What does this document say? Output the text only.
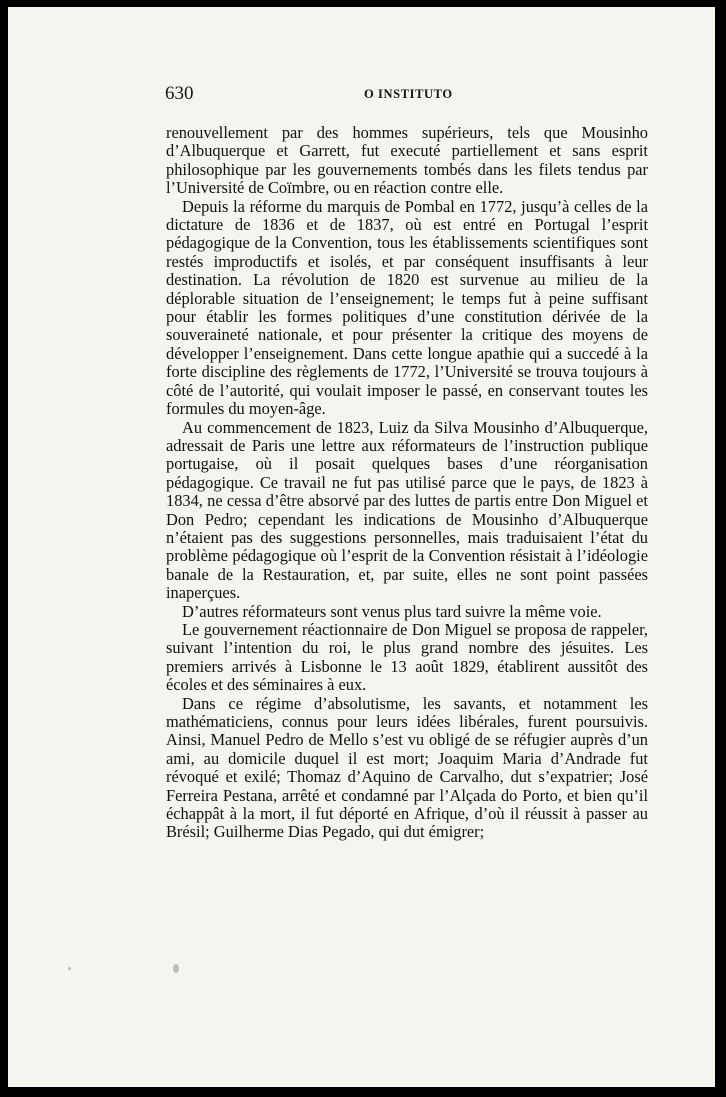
630	O INSTITUTO

renouvellement par des hommes supérieurs, tels que Mousinho d’Albuquerque et Garrett, fut executé partiellement et sans esprit philosophique par les gouvernements tombés dans les filets tendus par l’Université de Coïmbre, ou en réaction contre elle.

Depuis la réforme du marquis de Pombal en 1772, jusqu’à celles de la dictature de 1836 et de 1837, où est entré en Portugal l’esprit pédagogique de la Convention, tous les établissements scientifiques sont restés improductifs et isolés, et par conséquent insuffisants à leur destination. La révolution de 1820 est survenue au milieu de la déplorable situation de l’enseignement; le temps fut à peine suffisant pour établir les formes politiques d’une constitution dérivée de la souveraineté nationale, et pour présenter la critique des moyens de développer l’enseignement. Dans cette longue apathie qui a succedé à la forte discipline des règlements de 1772, l’Université se trouva toujours à côté de l’autorité, qui voulait imposer le passé, en conservant toutes les formules du moyen-âge.

Au commencement de 1823, Luiz da Silva Mousinho d’Albuquerque, adressait de Paris une lettre aux réformateurs de l’instruction publique portugaise, où il posait quelques bases d’une réorganisation pédagogique. Ce travail ne fut pas utilisé parce que le pays, de 1823 à 1834, ne cessa d’être absorvé par des luttes de partis entre Don Miguel et Don Pedro; cependant les indications de Mousinho d’Albuquerque n’étaient pas des suggestions personnelles, mais traduisaient l’état du problème pédagogique où l’esprit de la Convention résistait à l’idéologie banale de la Restauration, et, par suite, elles ne sont point passées inaperçues.

D’autres réformateurs sont venus plus tard suivre la même voie.

Le gouvernement réactionnaire de Don Miguel se proposa de rappeler, suivant l’intention du roi, le plus grand nombre des jésuites. Les premiers arrivés à Lisbonne le 13 août 1829, établirent aussitôt des écoles et des séminaires à eux.

Dans ce régime d’absolutisme, les savants, et notamment les mathématiciens, connus pour leurs idées libérales, furent poursuivis. Ainsi, Manuel Pedro de Mello s’est vu obligé de se réfugier auprès d’un ami, au domicile duquel il est mort; Joaquim Maria d’Andrade fut révoqué et exilé; Thomaz d’Aquino de Carvalho, dut s’expatrier; José Ferreira Pestana, arrêté et condamné par l’Alçada do Porto, et bien qu’il échappât à la mort, il fut déporté en Afrique, d’où il réussit à passer au Brésil; Guilherme Dias Pegado, qui dut émigrer;
